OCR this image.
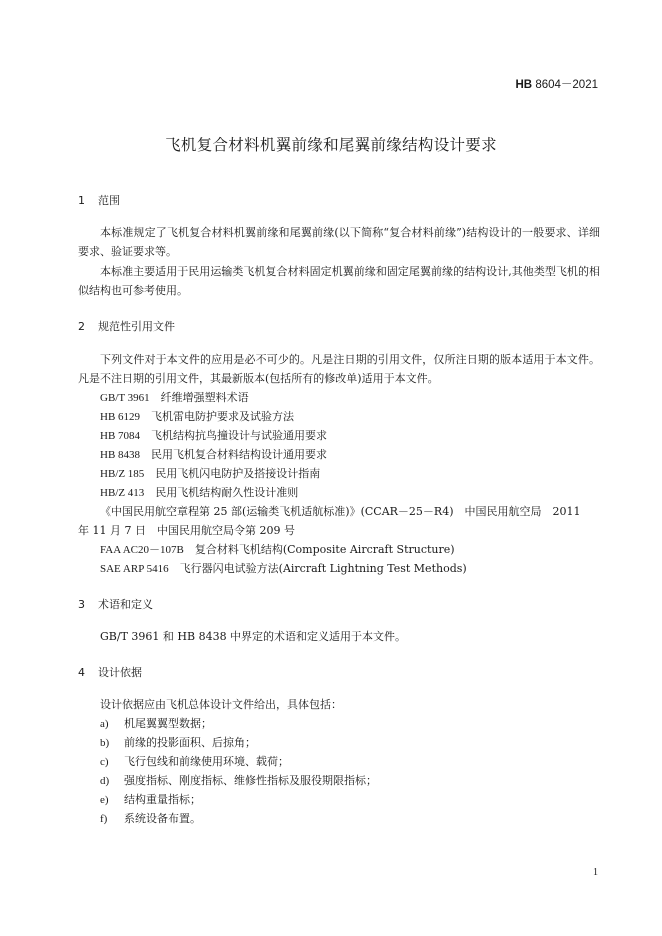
HB 8604－2021
飞机复合材料机翼前缘和尾翼前缘结构设计要求
1 范围
本标准规定了飞机复合材料机翼前缘和尾翼前缘(以下简称“复合材料前缘”)结构设计的一般要求、详细要求、验证要求等。
本标准主要适用于民用运输类飞机复合材料固定机翼前缘和固定尾翼前缘的结构设计,其他类型飞机的相似结构也可参考使用。
2 规范性引用文件
下列文件对于本文件的应用是必不可少的。凡是注日期的引用文件，仅所注日期的版本适用于本文件。凡是不注日期的引用文件，其最新版本(包括所有的修改单)适用于本文件。
GB/T 3961　 纤维增强塑料术语
HB 6129　 飞机雷电防护要求及试验方法
HB 7084　 飞机结构抗鸟撞设计与试验通用要求
HB 8438　 民用飞机复合材料结构设计通用要求
HB/Z 185　 民用飞机闪电防护及搭接设计指南
HB/Z 413　 民用飞机结构耐久性设计准则
《中国民用航空章程第 25 部(运输类飞机适航标准)》(CCAR－25－R4)　中国民用航空局　2011
年 11 月 7 日　中国民用航空局令第 209 号
FAA AC20－107B　 复合材料飞机结构(Composite Aircraft Structure)
SAE ARP 5416　 飞行器闪电试验方法(Aircraft Lightning Test Methods)
3 术语和定义
GB/T 3961 和 HB 8438 中界定的术语和定义适用于本文件。
4 设计依据
设计依据应由飞机总体设计文件给出，具体包括：
a) 机尾翼翼型数据；
b) 前缘的投影面积、后掠角；
c) 飞行包线和前缘使用环境、载荷；
d) 强度指标、刚度指标、维修性指标及服役期限指标；
e) 结构重量指标；
f) 系统设备布置。
1
